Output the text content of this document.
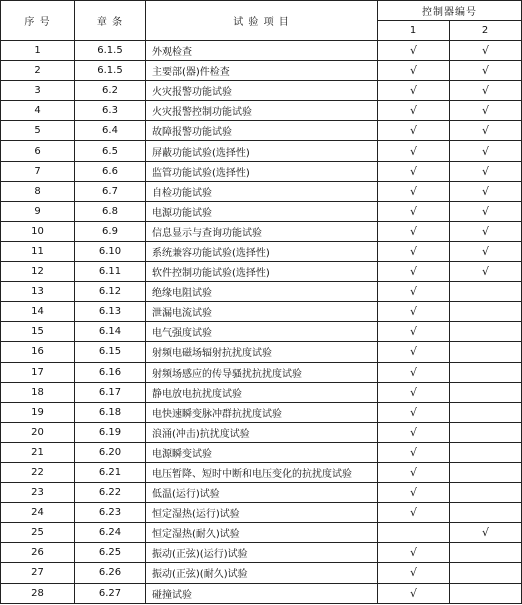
序 号	章 条	试 验 项 目	控制器编号	
			1	2
1	6.1.5	外观检查	√	√
2	6.1.5	主要部(器)件检查	√	√
3	6.2	火灾报警功能试验	√	√
4	6.3	火灾报警控制功能试验	√	√
5	6.4	故障报警功能试验	√	√
6	6.5	屏蔽功能试验(选择性)	√	√
7	6.6	监管功能试验(选择性)	√	√
8	6.7	自检功能试验	√	√
9	6.8	电源功能试验	√	√
10	6.9	信息显示与查询功能试验	√	√
11	6.10	系统兼容功能试验(选择性)	√	√
12	6.11	软件控制功能试验(选择性)	√	√
13	6.12	绝缘电阻试验	√	
14	6.13	泄漏电流试验	√	
15	6.14	电气强度试验	√	
16	6.15	射频电磁场辐射抗扰度试验	√	
17	6.16	射频场感应的传导骚扰抗扰度试验	√	
18	6.17	静电放电抗扰度试验	√	
19	6.18	电快速瞬变脉冲群抗扰度试验	√	
20	6.19	浪涌(冲击)抗扰度试验	√	
21	6.20	电源瞬变试验	√	
22	6.21	电压暂降、短时中断和电压变化的抗扰度试验	√	
23	6.22	低温(运行)试验	√	
24	6.23	恒定湿热(运行)试验	√	
25	6.24	恒定湿热(耐久)试验		√
26	6.25	振动(正弦)(运行)试验	√	
27	6.26	振动(正弦)(耐久)试验	√	
28	6.27	碰撞试验	√	
